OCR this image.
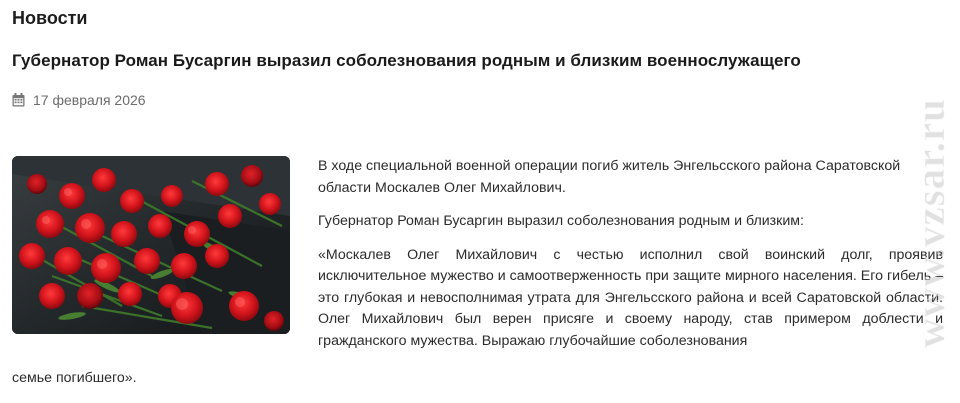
Новости
Губернатор Роман Бусаргин выразил соболезнования родным и близким военнослужащего
17 февраля 2026

В ходе специальной военной операции погиб житель Энгельсского района Саратовской области Москалев Олег Михайлович.

Губернатор Роман Бусаргин выразил соболезнования родным и близким:

«Москалев Олег Михайлович с честью исполнил свой воинский долг, проявив исключительное мужество и самоотверженность при защите мирного населения. Его гибель – это глубокая и невосполнимая утрата для Энгельсского района и всей Саратовской области. Олег Михайлович был верен присяге и своему народу, став примером доблести и гражданского мужества. Выражаю глубочайшие соболезнования

семье погибшего».
www.vzsar.ru
